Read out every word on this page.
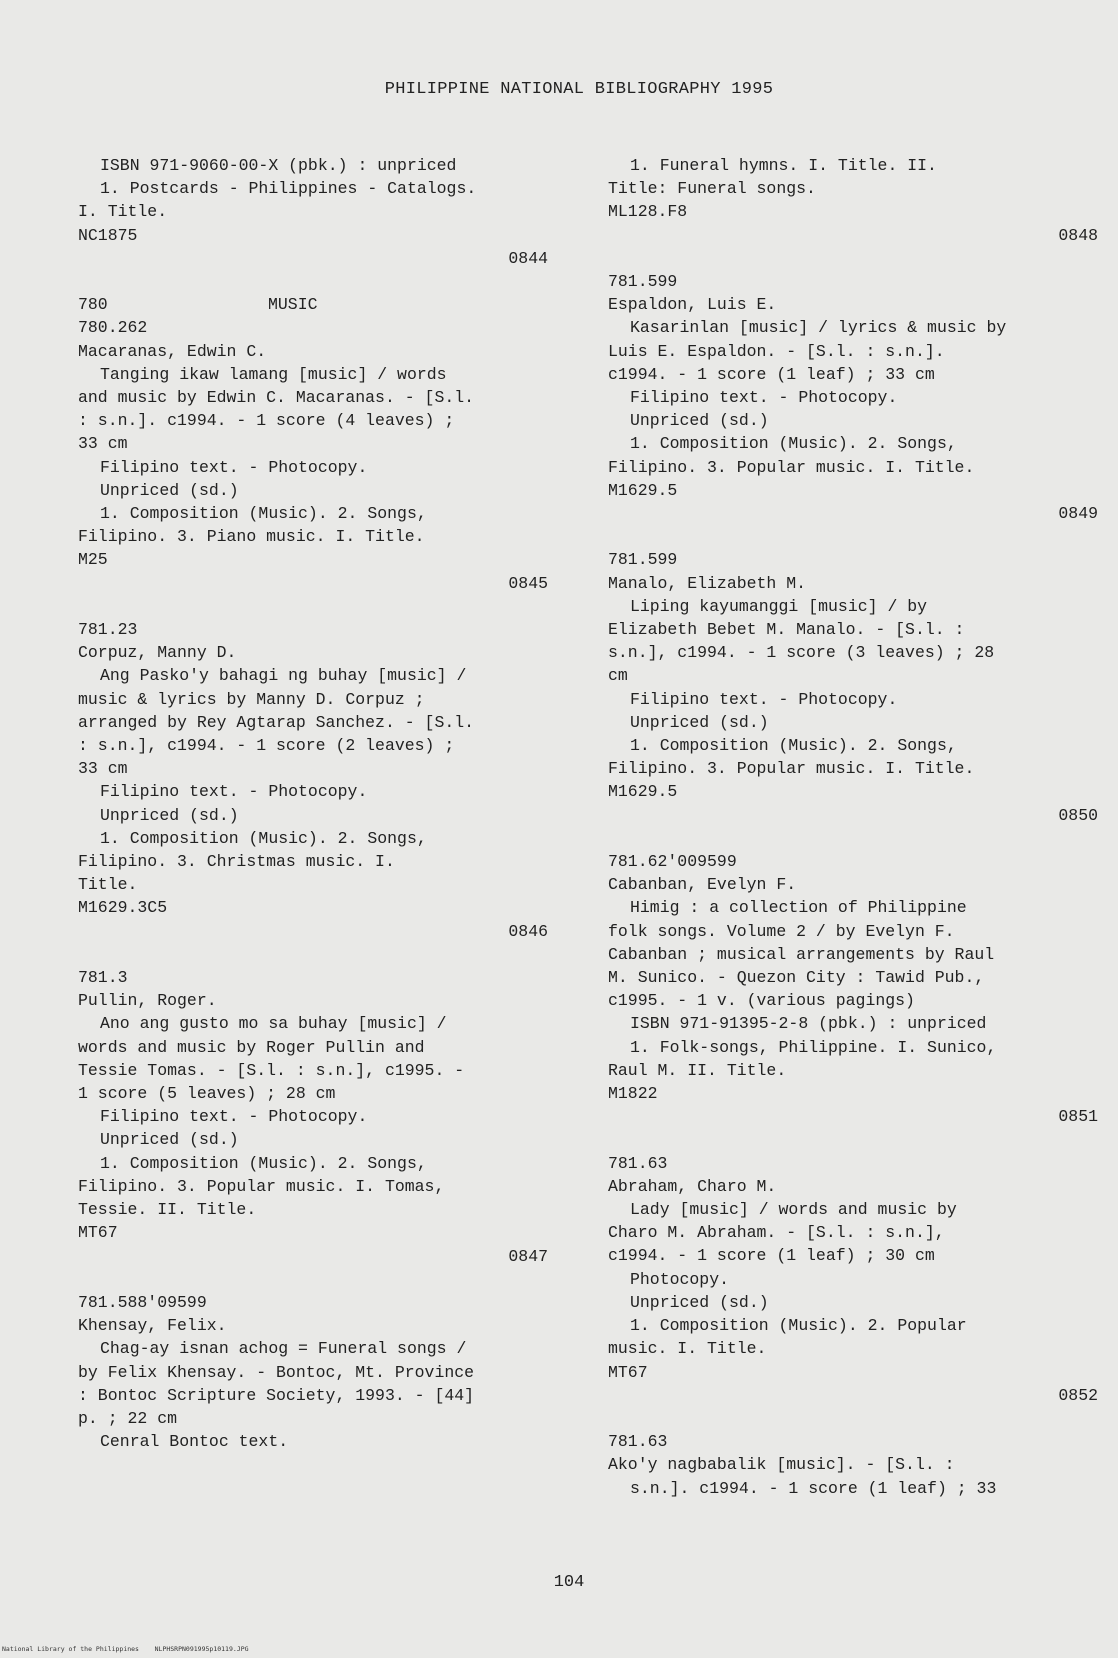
PHILIPPINE NATIONAL BIBLIOGRAPHY 1995
ISBN 971-9060-00-X (pbk.) : unpriced
1. Postcards - Philippines - Catalogs.
I. Title.
NC1875
0844
780	MUSIC
780.262
Macaranas, Edwin C.
Tanging ikaw lamang [music] / words
and music by Edwin C. Macaranas. - [S.l.
: s.n.]. c1994. - 1 score (4 leaves) ;
33 cm
Filipino text. - Photocopy.
Unpriced (sd.)
1. Composition (Music). 2. Songs,
Filipino. 3. Piano music. I. Title.
M25
0845
781.23
Corpuz, Manny D.
Ang Pasko'y bahagi ng buhay [music] /
music & lyrics by Manny D. Corpuz ;
arranged by Rey Agtarap Sanchez. - [S.l.
: s.n.], c1994. - 1 score (2 leaves) ;
33 cm
Filipino text. - Photocopy.
Unpriced (sd.)
1. Composition (Music). 2. Songs,
Filipino. 3. Christmas music. I.
Title.
M1629.3C5
0846
781.3
Pullin, Roger.
Ano ang gusto mo sa buhay [music] /
words and music by Roger Pullin and
Tessie Tomas. - [S.l. : s.n.], c1995. -
1 score (5 leaves) ; 28 cm
Filipino text. - Photocopy.
Unpriced (sd.)
1. Composition (Music). 2. Songs,
Filipino. 3. Popular music. I. Tomas,
Tessie. II. Title.
MT67
0847
781.588'09599
Khensay, Felix.
Chag-ay isnan achog = Funeral songs /
by Felix Khensay. - Bontoc, Mt. Province
: Bontoc Scripture Society, 1993. - [44]
p. ; 22 cm
Cenral Bontoc text.
1. Funeral hymns. I. Title. II.
Title: Funeral songs.
ML128.F8
0848
781.599
Espaldon, Luis E.
Kasarinlan [music] / lyrics & music by
Luis E. Espaldon. - [S.l. : s.n.].
c1994. - 1 score (1 leaf) ; 33 cm
Filipino text. - Photocopy.
Unpriced (sd.)
1. Composition (Music). 2. Songs,
Filipino. 3. Popular music. I. Title.
M1629.5
0849
781.599
Manalo, Elizabeth M.
Liping kayumanggi [music] / by
Elizabeth Bebet M. Manalo. - [S.l. :
s.n.], c1994. - 1 score (3 leaves) ; 28
cm
Filipino text. - Photocopy.
Unpriced (sd.)
1. Composition (Music). 2. Songs,
Filipino. 3. Popular music. I. Title.
M1629.5
0850
781.62'009599
Cabanban, Evelyn F.
Himig : a collection of Philippine
folk songs. Volume 2 / by Evelyn F.
Cabanban ; musical arrangements by Raul
M. Sunico. - Quezon City : Tawid Pub.,
c1995. - 1 v. (various pagings)
ISBN 971-91395-2-8 (pbk.) : unpriced
1. Folk-songs, Philippine. I. Sunico,
Raul M. II. Title.
M1822
0851
781.63
Abraham, Charo M.
Lady [music] / words and music by
Charo M. Abraham. - [S.l. : s.n.],
c1994. - 1 score (1 leaf) ; 30 cm
Photocopy.
Unpriced (sd.)
1. Composition (Music). 2. Popular
music. I. Title.
MT67
0852
781.63
Ako'y nagbabalik [music]. - [S.l. :
s.n.]. c1994. - 1 score (1 leaf) ; 33
104
National Library of the Philippines    NLPHSRPN091995p10119.JPG
